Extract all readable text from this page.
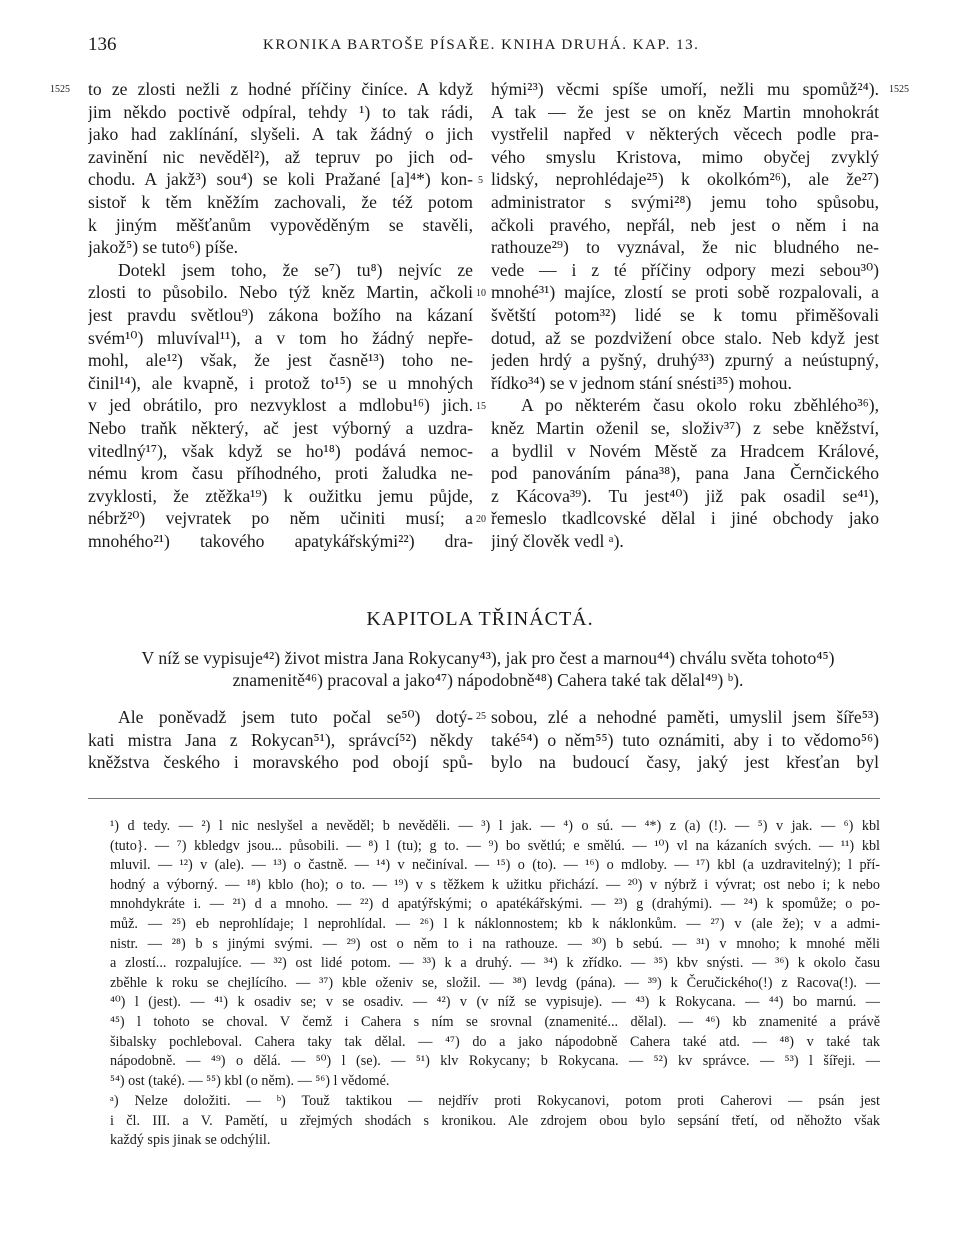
136	KRONIKA BARTOŠE PÍSAŘE. KNIHA DRUHÁ. KAP. 13.
1525	1525
5
10
15
20
25
to ze zlosti nežli z hodné příčiny činíce. A když
jim někdo poctivě odpíral, tehdy ¹) to tak rádi,
jako had zaklínání, slyšeli. A tak žádný o jich
zavinění nic nevěděl²), až tepruv po jich od-
chodu. A jakž³) sou⁴) se koli Pražané [a]⁴*) kon-
sistoř k těm kněžím zachovali, že též potom
k jiným měšťanům vypověděným se stavěli,
jakož⁵) se tuto⁶) píše.
Dotekl jsem toho, že se⁷) tu⁸) nejvíc ze
zlosti to působilo. Nebo týž kněz Martin, ačkoli
jest pravdu světlou⁹) zákona božího na kázaní
svém¹⁰) mluvíval¹¹), a v tom ho žádný nepře-
mohl, ale¹²) však, že jest časně¹³) toho ne-
činil¹⁴), ale kvapně, i protož to¹⁵) se u mnohých
v jed obrátilo, pro nezvyklost a mdlobu¹⁶) jich.
Nebo traňk některý, ač jest výborný a uzdra-
vitedlný¹⁷), však když se ho¹⁸) podává nemoc-
nému krom času příhodného, proti žaludka ne-
zvyklosti, že ztěžka¹⁹) k oužitku jemu půjde,
nébrž²⁰) vejvratek po něm učiniti musí; a
mnohého²¹) takového apatykářskými²²) dra-
hými²³) věcmi spíše umoří, nežli mu spomůž²⁴).
A tak — že jest se on kněz Martin mnohokrát
vystřelil napřed v některých věcech podle pra-
vého smyslu Kristova, mimo obyčej zvyklý
lidský, neprohlédaje²⁵) k okolkóm²⁶), ale že²⁷)
administrator s svými²⁸) jemu toho spůsobu,
ačkoli pravého, nepřál, neb jest o něm i na
rathouze²⁹) to vyznával, že nic bludného ne-
vede — i z té příčiny odpory mezi sebou³⁰)
mnohé³¹) majíce, zlostí se proti sobě rozpalovali, a
švětští potom³²) lidé se k tomu přiměšovali
dotud, až se pozdvižení obce stalo. Neb když jest
jeden hrdý a pyšný, druhý³³) zpurný a neústupný,
řídko³⁴) se v jednom stání snésti³⁵) mohou.
A po některém času okolo roku zběhlého³⁶),
kněz Martin oženil se, složiv³⁷) z sebe kněžství,
a bydlil v Novém Městě za Hradcem Králové,
pod panováním pána³⁸), pana Jana Černčického
z Kácova³⁹). Tu jest⁴⁰) již pak osadil se⁴¹),
řemeslo tkadlcovské dělal i jiné obchody jako
jiný člověk vedl ᵃ).
KAPITOLA TŘINÁCTÁ.
V níž se vypisuje⁴²) život mistra Jana Rokycany⁴³), jak pro čest a marnou⁴⁴) chválu světa tohoto⁴⁵)
znamenitě⁴⁶) pracoval a jako⁴⁷) nápodobně⁴⁸) Cahera také tak dělal⁴⁹) ᵇ).
Ale poněvadž jsem tuto počal se⁵⁰) dotý-
kati mistra Jana z Rokycan⁵¹), správcí⁵²) někdy
kněžstva českého i moravského pod obojí spů-
sobou, zlé a nehodné paměti, umyslil jsem šíře⁵³)
také⁵⁴) o něm⁵⁵) tuto oznámiti, aby i to vědomo⁵⁶)
bylo na budoucí časy, jaký jest křesťan byl
¹) d tedy. — ²) l nic neslyšel a nevěděl; b nevěděli. — ³) l jak. — ⁴) o sú. — ⁴*) z (a) (!). — ⁵) v jak. — ⁶) kbl
(tuto}. — ⁷) kbledgv jsou... působili. — ⁸) l (tu); g to. — ⁹) bo světlú; e smělú. — ¹⁰) vl na kázaních svých. — ¹¹) kbl
mluvil. — ¹²) v (ale). — ¹³) o častně. — ¹⁴) v nečiníval. — ¹⁵) o (to). — ¹⁶) o mdloby. — ¹⁷) kbl (a uzdravitelný); l pří-
hodný a výborný. — ¹⁸) kblo (ho); o to. — ¹⁹) v s těžkem k užitku přichází. — ²⁰) v nýbrž i vývrat; ost nebo i; k nebo
mnohdykráte i. — ²¹) d a mnoho. — ²²) d apatýřskými; o apatékářskými. — ²³) g (drahými). — ²⁴) k spomůže; o po-
můž. — ²⁵) eb neprohlídaje; l neprohlídal. — ²⁶) l k náklonnostem; kb k náklonkům. — ²⁷) v (ale že); v a admi-
nistr. — ²⁸) b s jinými svými. — ²⁹) ost o něm to i na rathouze. — ³⁰) b sebú. — ³¹) v mnoho; k mnohé měli
a zlostí... rozpalujíce. — ³²) ost lidé potom. — ³³) k a druhý. — ³⁴) k zřídko. — ³⁵) kbv snýsti. — ³⁶) k okolo času
zběhle k roku se chejlícího. — ³⁷) kble oženiv se, složil. — ³⁸) levdg (pána). — ³⁹) k Čeručického(!) z Racova(!). —
⁴⁰) l (jest). — ⁴¹) k osadiv se; v se osadiv. — ⁴²) v (v níž se vypisuje). — ⁴³) k Rokycana. — ⁴⁴) bo marnú. —
⁴⁵) l tohoto se choval. V čemž i Cahera s ním se srovnal (znamenité... dělal). — ⁴⁶) kb znamenité a právě
šibalsky pochleboval. Cahera taky tak dělal. — ⁴⁷) do a jako nápodobně Cahera také atd. — ⁴⁸) v také tak
nápodobně. — ⁴⁹) o dělá. — ⁵⁰) l (se). — ⁵¹) klv Rokycany; b Rokycana. — ⁵²) kv správce. — ⁵³) l šířeji. —
⁵⁴) ost (také). — ⁵⁵) kbl (o něm). — ⁵⁶) l vědomé.
ᵃ) Nelze doložiti. — ᵇ) Touž taktikou — nejdřív proti Rokycanovi, potom proti Caherovi — psán jest
i čl. III. a V. Pamětí, u zřejmých shodách s kronikou. Ale zdrojem obou bylo sepsání třetí, od něhožto však
každý spis jinak se odchýlil.
